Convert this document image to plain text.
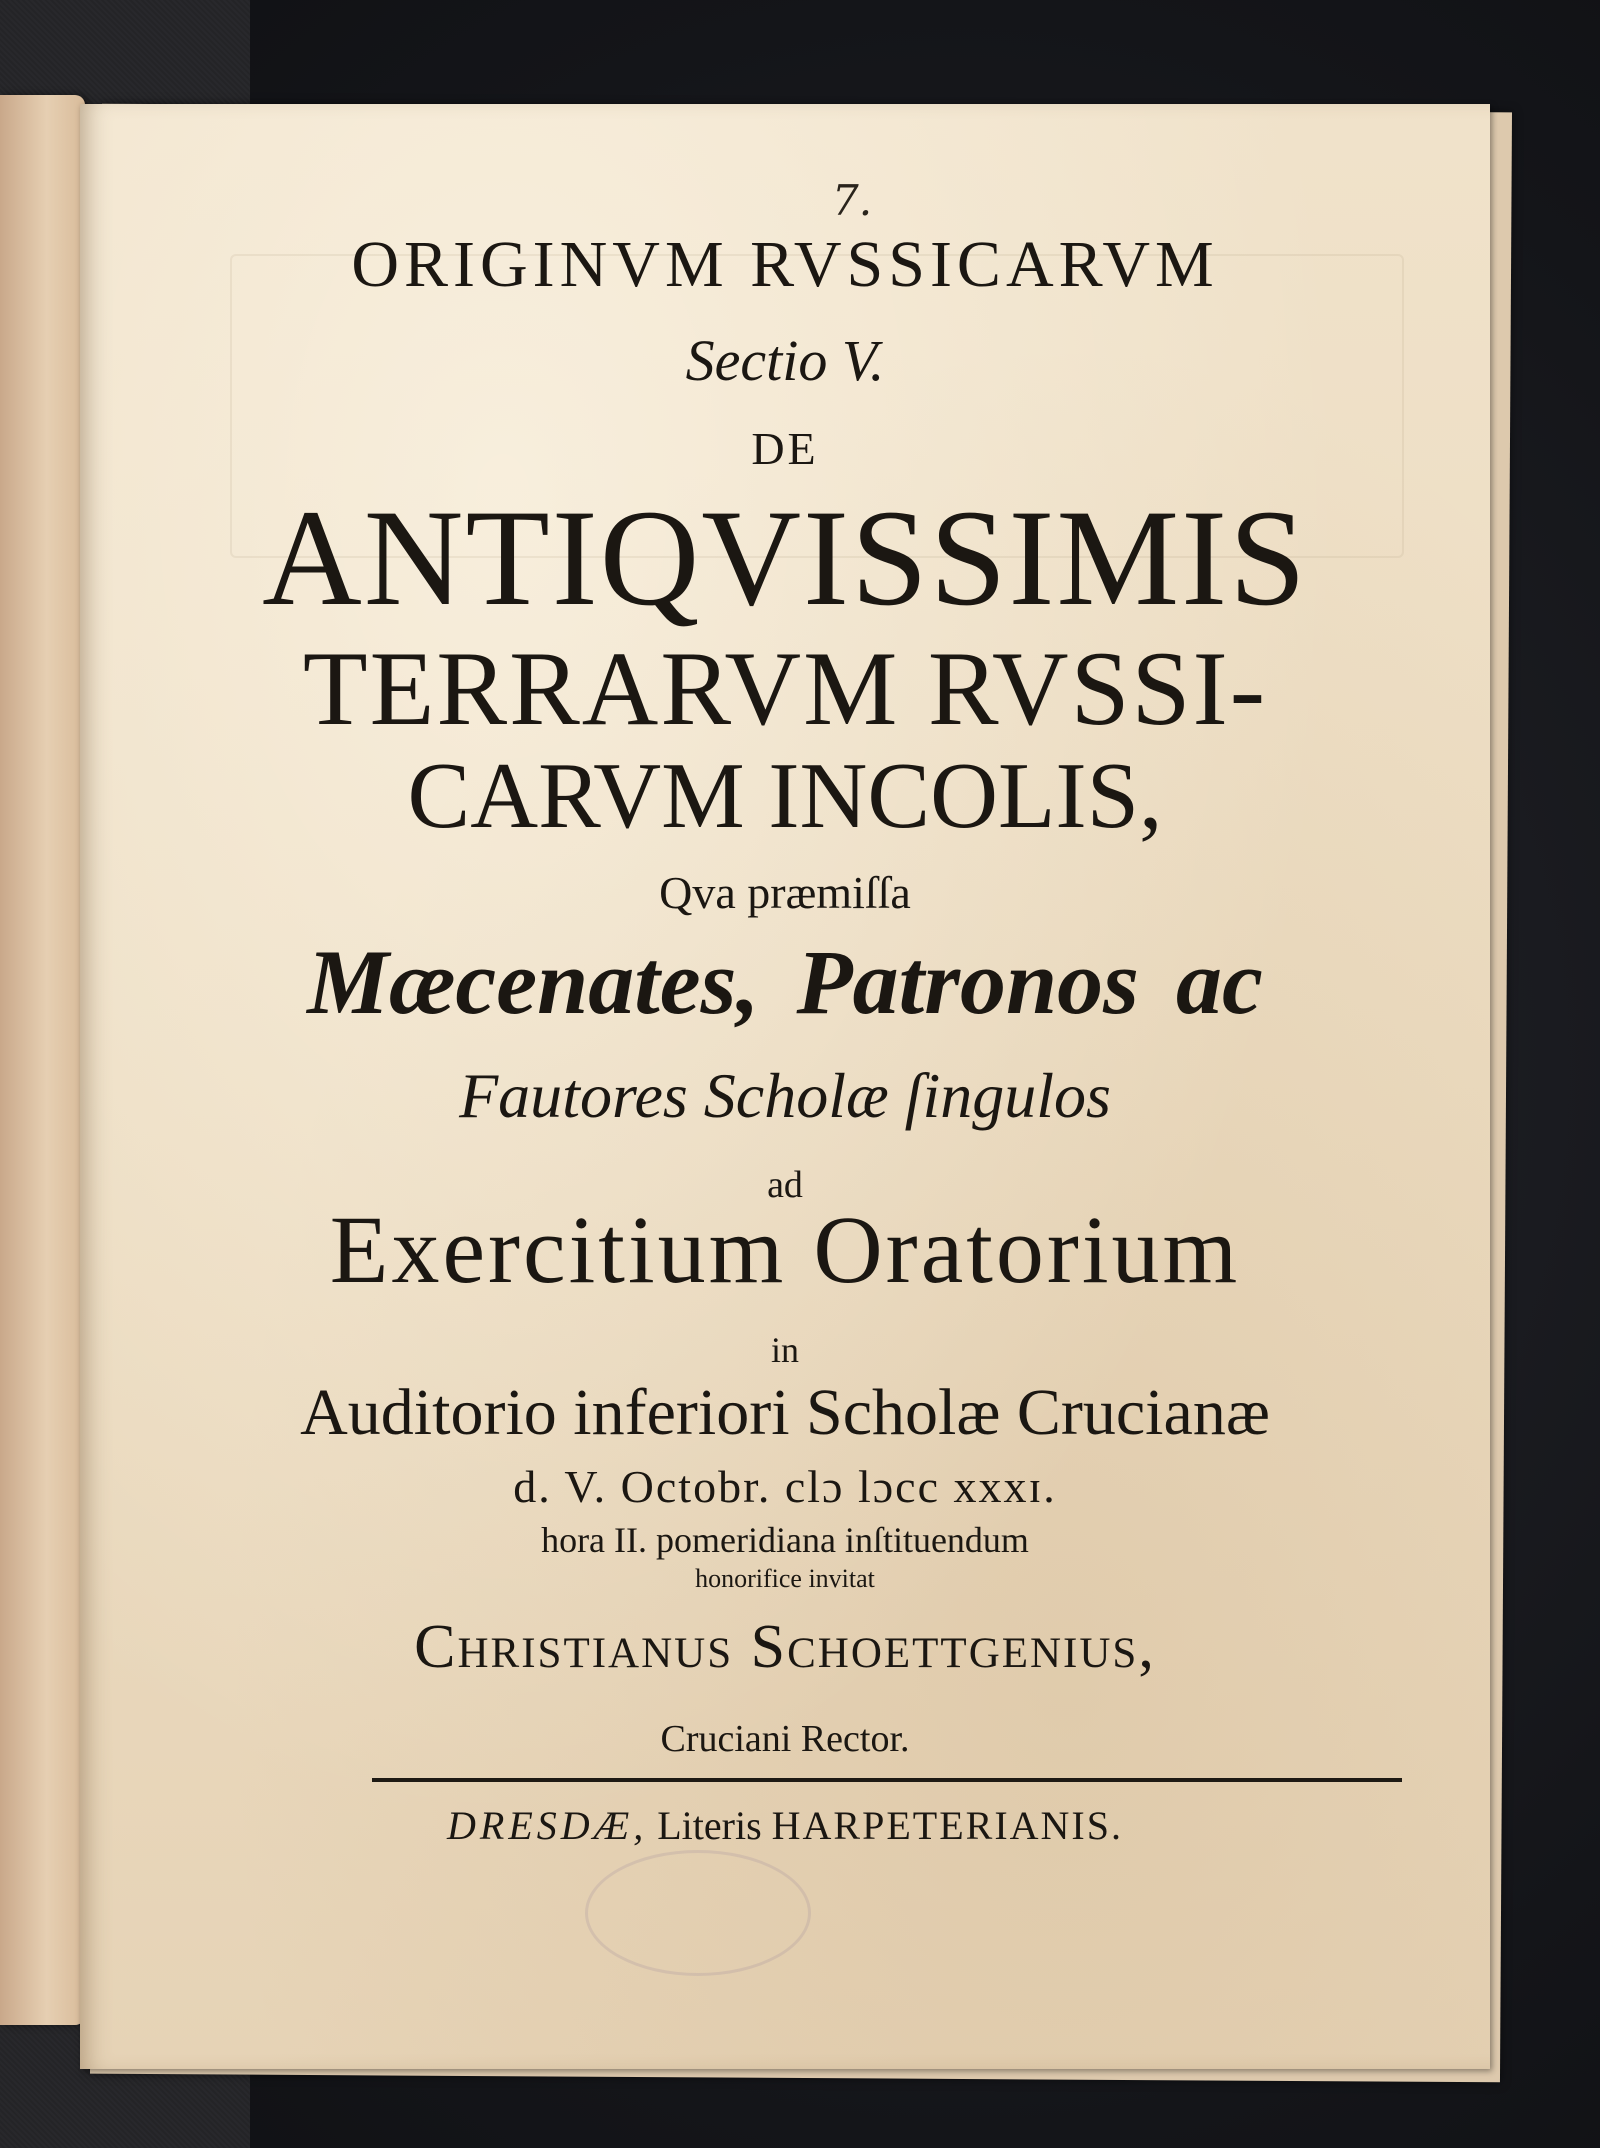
7.
ORIGINVM RVSSICARVM
Sectio V.
DE
ANTIQVISSIMIS
TERRARVM RVSSI-
CARVM INCOLIS,
Qva præmiſſa
Mæcenates, Patronos ac
Fautores Scholæ ſingulos
ad
Exercitium Oratorium
in
Auditorio inferiori Scholæ Crucianæ
d. V. Octobr. clɔ lɔcc xxxɪ.
hora II. pomeridiana inſtituendum
honorifice invitat
Christianus Schoettgenius,
Cruciani Rector.
DRESDÆ, Literis HARPETERIANIS.
